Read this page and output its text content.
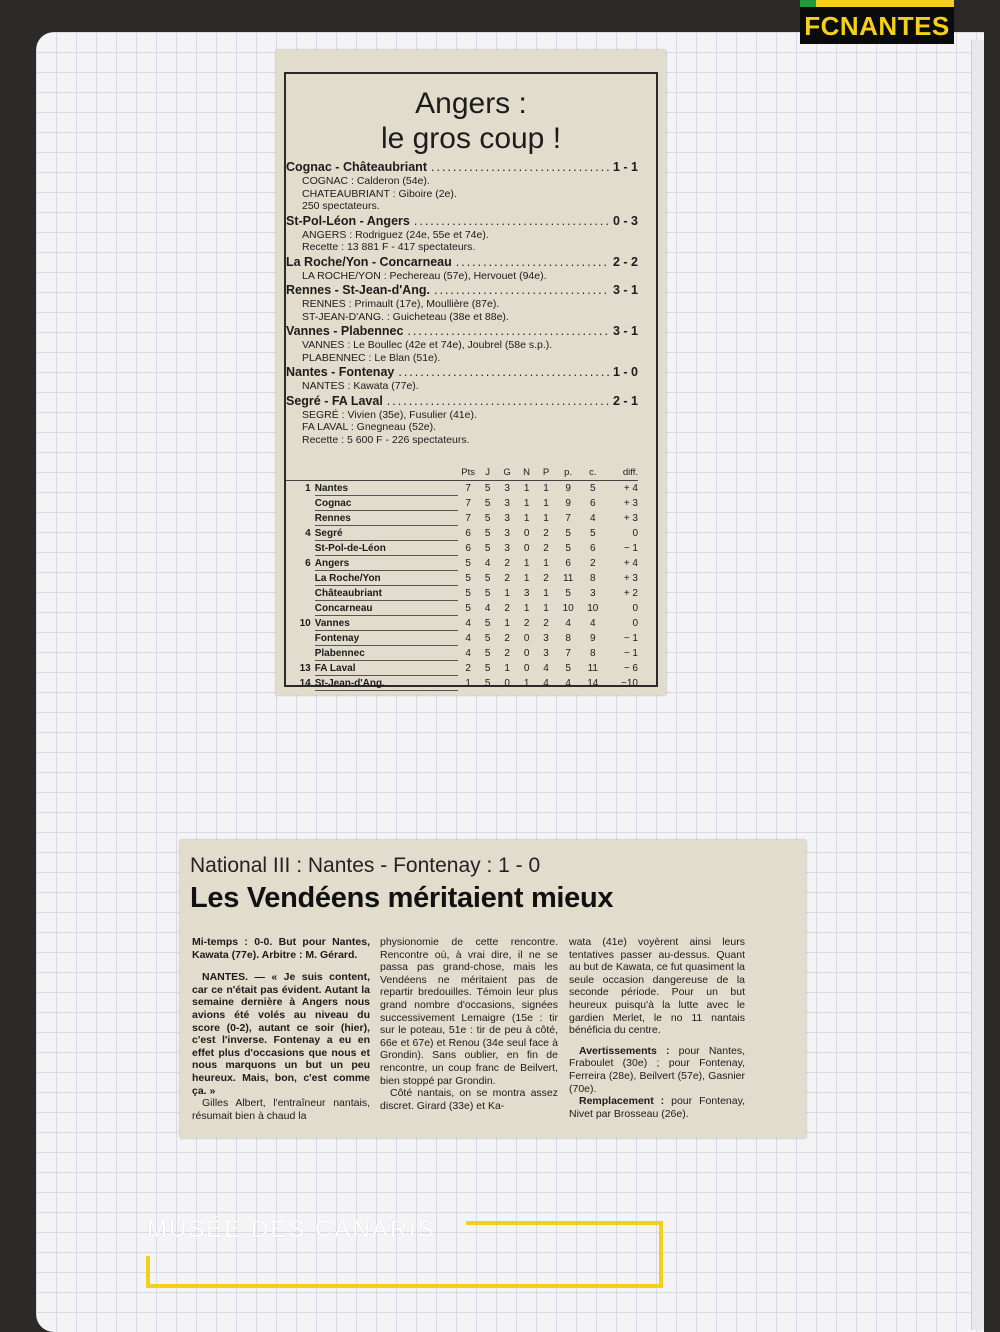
FCNANTES
Angers :
le gros coup !
Cognac - Châteaubriant .....	1 - 1
COGNAC : Calderon (54e).
CHATEAUBRIANT : Giboire (2e).
250 spectateurs.
St-Pol-Léon - Angers .....	0 - 3
ANGERS : Rodriguez (24e, 55e et 74e).
Recette : 13 881 F - 417 spectateurs.
La Roche/Yon - Concarneau .....	2 - 2
LA ROCHE/YON : Pechereau (57e), Hervouet (94e).
Rennes - St-Jean-d'Ang. .....	3 - 1
RENNES : Primault (17e), Moullière (87e).
ST-JEAN-D'ANG. : Guicheteau (38e et 88e).
Vannes - Plabennec .....	3 - 1
VANNES : Le Boullec (42e et 74e), Joubrel (58e s.p.).
PLABENNEC : Le Blan (51e).
Nantes - Fontenay .....	1 - 0
NANTES : Kawata (77e).
Segré - FA Laval .....	2 - 1
SEGRÉ : Vivien (35e), Fusulier (41e).
FA LAVAL : Gnegneau (52e).
Recette : 5 600 F - 226 spectateurs.
		Pts	J	G	N	P	p.	c.	diff.
1	Nantes	7	5	3	1	1	9	5	+ 4
	Cognac	7	5	3	1	1	9	6	+ 3
	Rennes	7	5	3	1	1	7	4	+ 3
4	Segré	6	5	3	0	2	5	5	0
	St-Pol-de-Léon	6	5	3	0	2	5	6	− 1
6	Angers	5	4	2	1	1	6	2	+ 4
	La Roche/Yon	5	5	2	1	2	11	8	+ 3
	Châteaubriant	5	5	1	3	1	5	3	+ 2
	Concarneau	5	4	2	1	1	10	10	0
10	Vannes	4	5	1	2	2	4	4	0
	Fontenay	4	5	2	0	3	8	9	− 1
	Plabennec	4	5	2	0	3	7	8	− 1
13	FA Laval	2	5	1	0	4	5	11	− 6
14	St-Jean-d'Ang.	1	5	0	1	4	4	14	−10
National III : Nantes - Fontenay : 1 - 0
Les Vendéens méritaient mieux

Mi-temps : 0-0. But pour Nantes, Kawata (77e). Arbitre : M. Gérard.

NANTES. — « Je suis content, car ce n'était pas évident. Autant la semaine dernière à Angers nous avions été volés au niveau du score (0-2), autant ce soir (hier), c'est l'inverse. Fontenay a eu en effet plus d'occasions que nous et nous marquons un but un peu heureux. Mais, bon, c'est comme ça. »

Gilles Albert, l'entraîneur nantais, résumait bien à chaud la

physionomie de cette rencontre. Rencontre où, à vrai dire, il ne se passa pas grand-chose, mais les Vendéens ne méritaient pas de repartir bredouilles. Témoin leur plus grand nombre d'occasions, signées successivement Lemaigre (15e : tir sur le poteau, 51e : tir de peu à côté, 66e et 67e) et Renou (34e seul face à Grondin). Sans oublier, en fin de rencontre, un coup franc de Beilvert, bien stoppé par Grondin.

Côté nantais, on se montra assez discret. Girard (33e) et Ka-

wata (41e) voyèrent ainsi leurs tentatives passer au-dessus. Quant au but de Kawata, ce fut quasiment la seule occasion dangereuse de la seconde période. Pour un but heureux puisqu'à la lutte avec le gardien Merlet, le no 11 nantais bénéficia du centre.

Avertissements : pour Nantes, Fraboulet (30e) ; pour Fontenay, Ferreira (28e), Beilvert (57e), Gasnier (70e).

Remplacement : pour Fontenay, Nivet par Brosseau (26e).

MUSÉE DES CANARIS
